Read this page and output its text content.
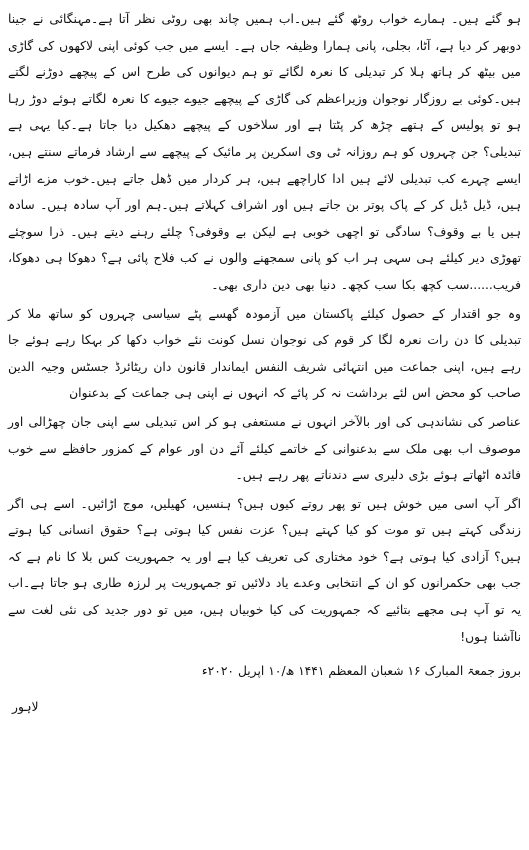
ہو گئے ہیں۔ ہمارے خواب روٹھ گئے ہیں۔اب ہمیں چاند بھی روٹی نظر آتا ہے۔مہنگائی نے جینا دوبھر کر دیا ہے، آٹا، بجلی، پانی ہمارا وظیفہ جاں ہے۔ ایسے میں جب کوئی اپنی لاکھوں کی گاڑی میں بیٹھ کر ہاتھ ہلا کر تبدیلی کا نعرہ لگائے تو ہم دیوانوں کی طرح اس کے پیچھے دوڑنے لگتے ہیں۔کوئی بے روزگار نوجوان وزیراعظم کی گاڑی کے پیچھے جیوے جیوے کا نعرہ لگاتے ہوئے دوڑ رہا ہو تو پولیس کے ہتھے چڑھ کر پٹتا ہے اور سلاخوں کے پیچھے دھکیل دیا جاتا ہے۔کیا یہی ہے تبدیلی؟ جن چہروں کو ہم روزانہ ٹی وی اسکرین پر مائیک کے پیچھے سے ارشاد فرماتے سنتے ہیں، ایسے چہرے کب تبدیلی لائے ہیں ادا کاراچھے ہیں، ہر کردار میں ڈھل جاتے ہیں۔خوب مزے اڑاتے ہیں، ڈیل ڈیل کر کے پاک پوتر بن جاتے ہیں اور اشراف کہلاتے ہیں۔ہم اور آپ سادہ ہیں۔ سادہ ہیں یا بے وقوف؟ سادگی تو اچھی خوبی ہے لیکن بے وقوفی؟ چلئے رہنے دیتے ہیں۔ ذرا سوچئے تھوڑی دیر کیلئے ہی سہی ہر اب کو پانی سمجھنے والوں نے کب فلاح پائی ہے؟ دھوکا ہی دھوکا، فریب......سب کچھ بکا سب کچھ۔ دنیا بھی دین داری بھی۔

وہ جو اقتدار کے حصول کیلئے پاکستان میں آزمودہ گھسے پٹے سیاسی چہروں کو ساتھ ملا کر تبدیلی کا دن رات نعرہ لگا کر قوم کی نوجوان نسل کونت نئے خواب دکھا کر بہکا رہے ہوئے جا رہے ہیں، اپنی جماعت میں انتہائی شریف النفس ایماندار قانون دان ریٹائرڈ جسٹس وجیہ الدین صاحب کو محض اس لئے برداشت نہ کر پائے کہ انہوں نے اپنی ہی جماعت کے بدعنوان

عناصر کی نشاندہی کی اور بالآخر انہوں نے مستعفی ہو کر اس تبدیلی سے اپنی جان چھڑالی اور موصوف اب بھی ملک سے بدعنوانی کے خاتمے کیلئے آئے دن اور عوام کے کمزور حافظے سے خوب فائدہ اٹھاتے ہوئے بڑی دلیری سے دندناتے پھر رہے ہیں۔

اگر آپ اسی میں خوش ہیں تو پھر روتے کیوں ہیں؟ ہنسیں، کھیلیں، موج اڑائیں۔ اسے ہی اگر زندگی کہتے ہیں تو موت کو کیا کہتے ہیں؟ عزت نفس کیا ہوتی ہے؟ حقوق انسانی کیا ہوتے ہیں؟ آزادی کیا ہوتی ہے؟ خود مختاری کی تعریف کیا ہے اور یہ جمہوریت کس بلا کا نام ہے کہ جب بھی حکمرانوں کو ان کے انتخابی وعدے یاد دلائیں تو جمہوریت پر لرزہ طاری ہو جاتا ہے۔اب یہ تو آپ ہی مجھے بتائیے کہ جمہوریت کی کیا خوبیاں ہیں، میں تو دور جدید کی نئی لغت سے ناآشنا ہوں!

بروز جمعۃ المبارک ۱۶ شعبان المعظم ۱۴۴۱ ھ/۱۰ اپریل ۲۰۲۰ء
لاہور
